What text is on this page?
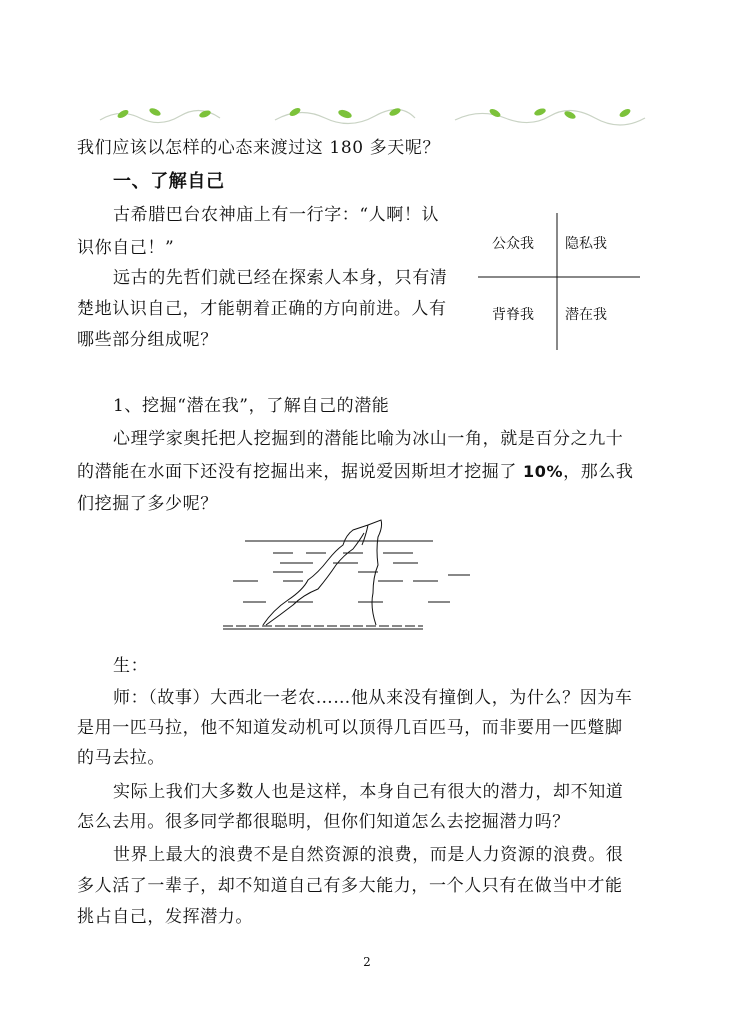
我们应该以怎样的心态来渡过这 180 多天呢？
一、了解自己
古希腊巴台农神庙上有一行字：“人啊！认
识你自己！”
远古的先哲们就已经在探索人本身，只有清
楚地认识自己，才能朝着正确的方向前进。人有
哪些部分组成呢？
公众我 隐私我
背脊我 潜在我
1、挖掘“潜在我”，了解自己的潜能
心理学家奥托把人挖掘到的潜能比喻为冰山一角，就是百分之九十
的潜能在水面下还没有挖掘出来，据说爱因斯坦才挖掘了 10%，那么我
们挖掘了多少呢？
生：
师：（故事）大西北一老农……他从来没有撞倒人，为什么？因为车
是用一匹马拉，他不知道发动机可以顶得几百匹马，而非要用一匹蹩脚
的马去拉。
实际上我们大多数人也是这样，本身自己有很大的潜力，却不知道
怎么去用。很多同学都很聪明，但你们知道怎么去挖掘潜力吗？
世界上最大的浪费不是自然资源的浪费，而是人力资源的浪费。很
多人活了一辈子，却不知道自己有多大能力，一个人只有在做当中才能
挑占自己，发挥潜力。
2
